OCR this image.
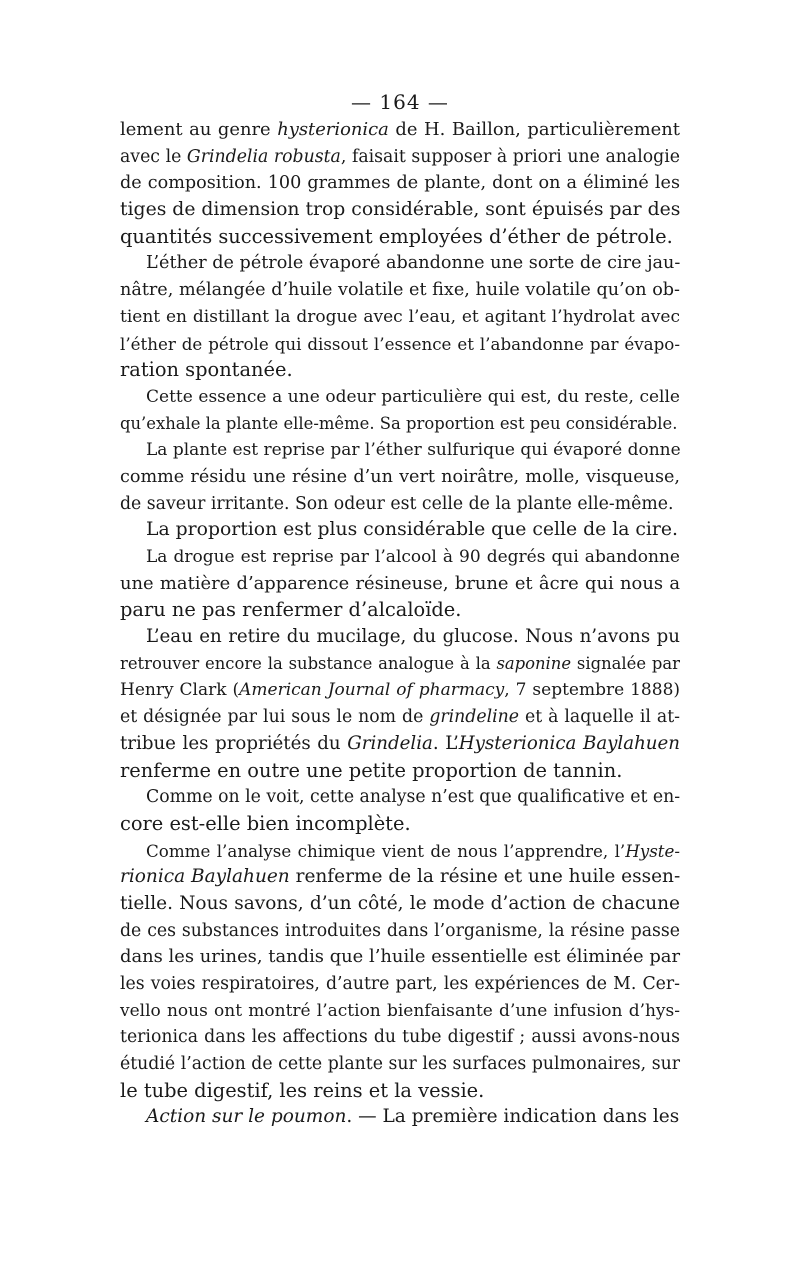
— 164 —
lement au genre hysterionica de H. Baillon, particulièrement
avec le Grindelia robusta, faisait supposer à priori une analogie
de composition. 100 grammes de plante, dont on a éliminé les
tiges de dimension trop considérable, sont épuisés par des
quantités successivement employées d’éther de pétrole.
L’éther de pétrole évaporé abandonne une sorte de cire jau-
nâtre, mélangée d’huile volatile et fixe, huile volatile qu’on ob-
tient en distillant la drogue avec l’eau, et agitant l’hydrolat avec
l’éther de pétrole qui dissout l’essence et l’abandonne par évapo-
ration spontanée.
Cette essence a une odeur particulière qui est, du reste, celle
qu’exhale la plante elle-même. Sa proportion est peu considérable.
La plante est reprise par l’éther sulfurique qui évaporé donne
comme résidu une résine d’un vert noirâtre, molle, visqueuse,
de saveur irritante. Son odeur est celle de la plante elle-même.
La proportion est plus considérable que celle de la cire.
La drogue est reprise par l’alcool à 90 degrés qui abandonne
une matière d’apparence résineuse, brune et âcre qui nous a
paru ne pas renfermer d’alcaloïde.
L’eau en retire du mucilage, du glucose. Nous n’avons pu
retrouver encore la substance analogue à la saponine signalée par
Henry Clark (American Journal of pharmacy, 7 septembre 1888)
et désignée par lui sous le nom de grindeline et à laquelle il at-
tribue les propriétés du Grindelia. L’Hysterionica Baylahuen
renferme en outre une petite proportion de tannin.
Comme on le voit, cette analyse n’est que qualificative et en-
core est-elle bien incomplète.
Comme l’analyse chimique vient de nous l’apprendre, l’Hyste-
rionica Baylahuen renferme de la résine et une huile essen-
tielle. Nous savons, d’un côté, le mode d’action de chacune
de ces substances introduites dans l’organisme, la résine passe
dans les urines, tandis que l’huile essentielle est éliminée par
les voies respiratoires, d’autre part, les expériences de M. Cer-
vello nous ont montré l’action bienfaisante d’une infusion d’hys-
terionica dans les affections du tube digestif ; aussi avons-nous
étudié l’action de cette plante sur les surfaces pulmonaires, sur
le tube digestif, les reins et la vessie.
Action sur le poumon. — La première indication dans les
